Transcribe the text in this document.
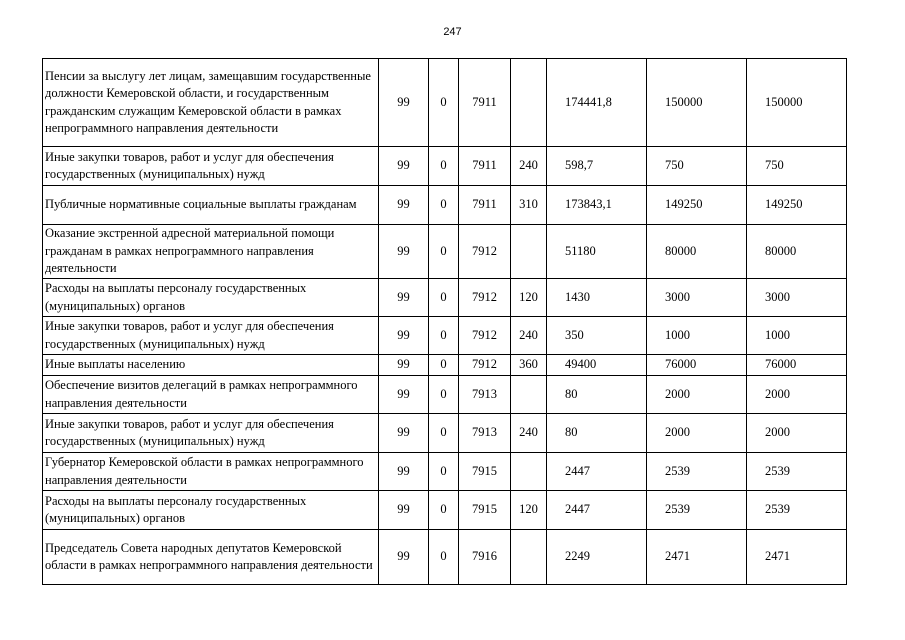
247
Пенсии за выслугу лет лицам, замещавшим государственные должности Кемеровской области, и государственным гражданским служащим Кемеровской области в рамках непрограммного направления деятельности	99	0	7911		174441,8	150000	150000
Иные закупки товаров, работ и услуг для обеспечения государственных (муниципальных) нужд	99	0	7911	240	598,7	750	750
Публичные нормативные социальные выплаты гражданам	99	0	7911	310	173843,1	149250	149250
Оказание экстренной адресной материальной помощи гражданам в рамках непрограммного направления деятельности	99	0	7912		51180	80000	80000
Расходы на выплаты персоналу государственных (муниципальных) органов	99	0	7912	120	1430	3000	3000
Иные закупки товаров, работ и услуг для обеспечения государственных (муниципальных) нужд	99	0	7912	240	350	1000	1000
Иные выплаты населению	99	0	7912	360	49400	76000	76000
Обеспечение визитов делегаций в рамках непрограммного направления деятельности	99	0	7913		80	2000	2000
Иные закупки товаров, работ и услуг для обеспечения государственных (муниципальных) нужд	99	0	7913	240	80	2000	2000
Губернатор Кемеровской области в рамках непрограммного направления деятельности	99	0	7915		2447	2539	2539
Расходы на выплаты персоналу государственных (муниципальных) органов	99	0	7915	120	2447	2539	2539
Председатель Совета народных депутатов Кемеровской области в рамках непрограммного направления деятельности	99	0	7916		2249	2471	2471
